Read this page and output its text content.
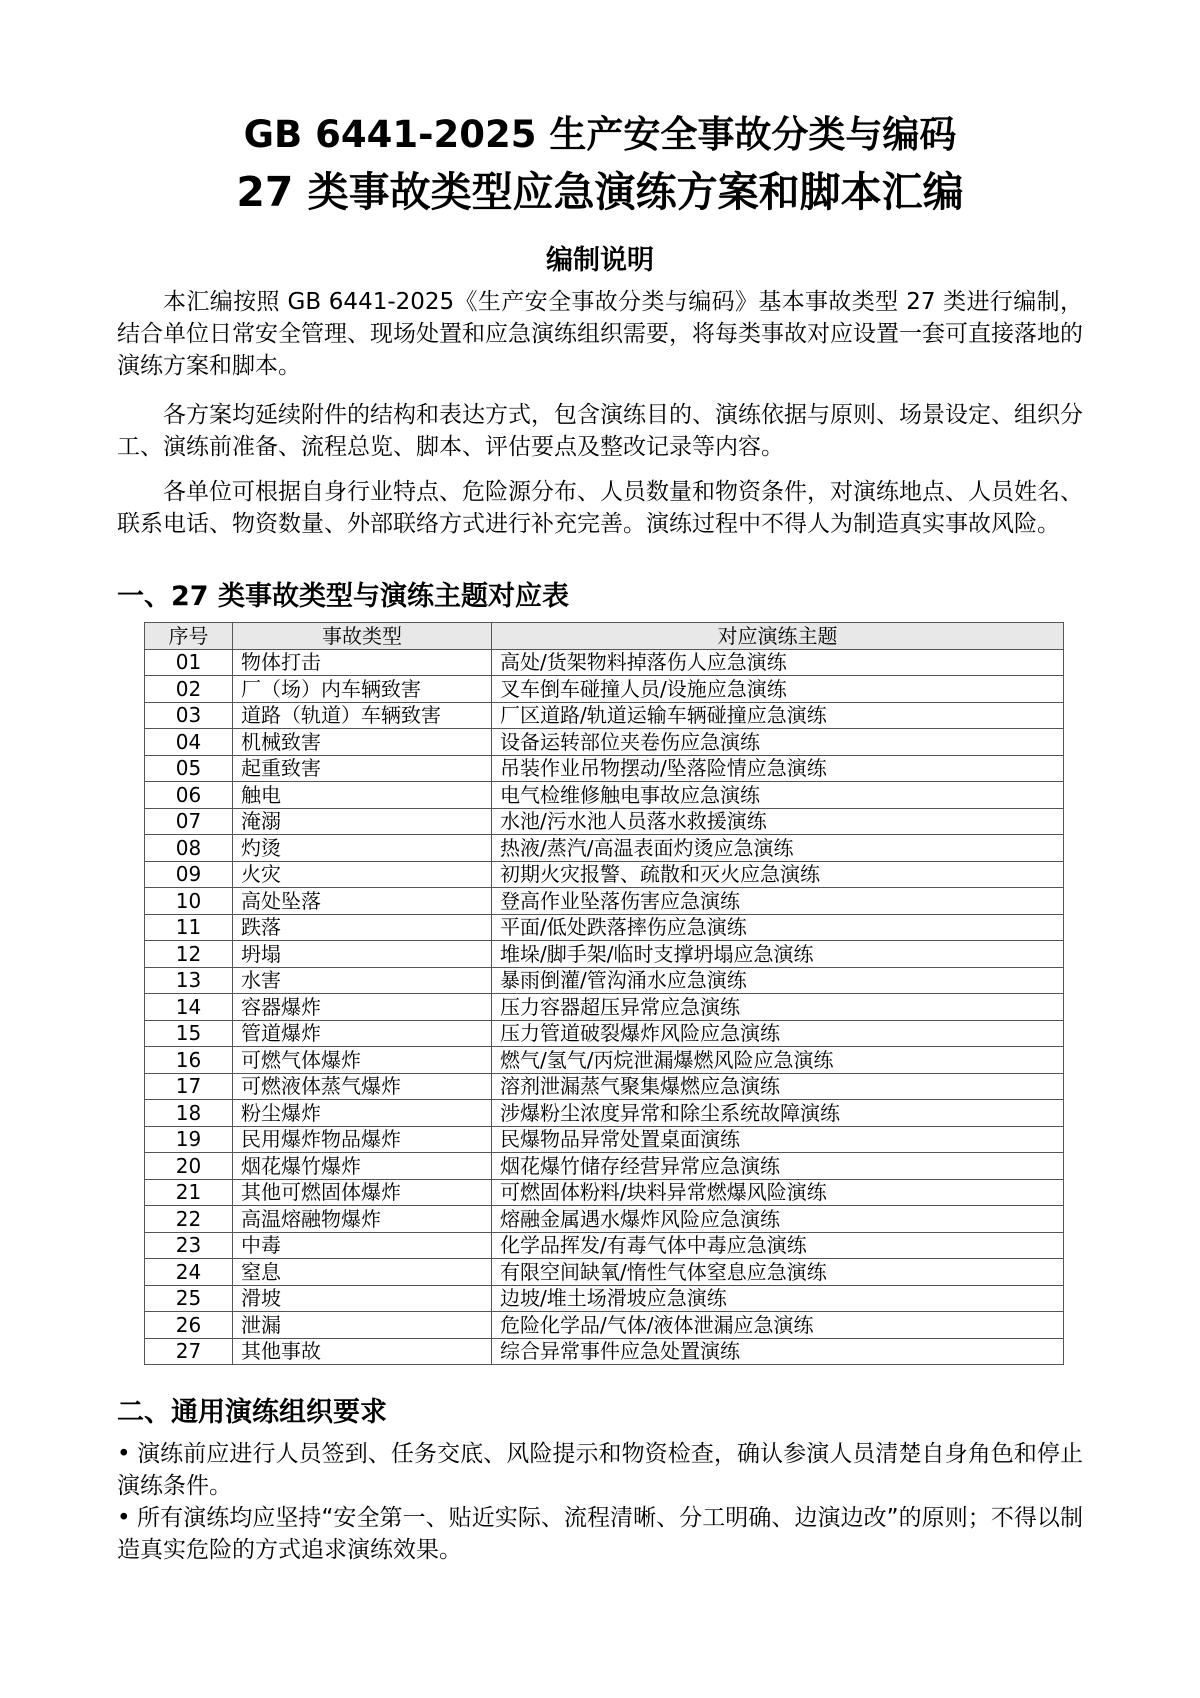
GB 6441-2025 生产安全事故分类与编码
27 类事故类型应急演练方案和脚本汇编
编制说明
本汇编按照 GB 6441-2025《生产安全事故分类与编码》基本事故类型 27 类进行编制，结合单位日常安全管理、现场处置和应急演练组织需要，将每类事故对应设置一套可直接落地的演练方案和脚本。
各方案均延续附件的结构和表达方式，包含演练目的、演练依据与原则、场景设定、组织分工、演练前准备、流程总览、脚本、评估要点及整改记录等内容。
各单位可根据自身行业特点、危险源分布、人员数量和物资条件，对演练地点、人员姓名、联系电话、物资数量、外部联络方式进行补充完善。演练过程中不得人为制造真实事故风险。
一、27 类事故类型与演练主题对应表
序号	事故类型	对应演练主题
01	物体打击	高处/货架物料掉落伤人应急演练
02	厂（场）内车辆致害	叉车倒车碰撞人员/设施应急演练
03	道路（轨道）车辆致害	厂区道路/轨道运输车辆碰撞应急演练
04	机械致害	设备运转部位夹卷伤应急演练
05	起重致害	吊装作业吊物摆动/坠落险情应急演练
06	触电	电气检维修触电事故应急演练
07	淹溺	水池/污水池人员落水救援演练
08	灼烫	热液/蒸汽/高温表面灼烫应急演练
09	火灾	初期火灾报警、疏散和灭火应急演练
10	高处坠落	登高作业坠落伤害应急演练
11	跌落	平面/低处跌落摔伤应急演练
12	坍塌	堆垛/脚手架/临时支撑坍塌应急演练
13	水害	暴雨倒灌/管沟涌水应急演练
14	容器爆炸	压力容器超压异常应急演练
15	管道爆炸	压力管道破裂爆炸风险应急演练
16	可燃气体爆炸	燃气/氢气/丙烷泄漏爆燃风险应急演练
17	可燃液体蒸气爆炸	溶剂泄漏蒸气聚集爆燃应急演练
18	粉尘爆炸	涉爆粉尘浓度异常和除尘系统故障演练
19	民用爆炸物品爆炸	民爆物品异常处置桌面演练
20	烟花爆竹爆炸	烟花爆竹储存经营异常应急演练
21	其他可燃固体爆炸	可燃固体粉料/块料异常燃爆风险演练
22	高温熔融物爆炸	熔融金属遇水爆炸风险应急演练
23	中毒	化学品挥发/有毒气体中毒应急演练
24	窒息	有限空间缺氧/惰性气体窒息应急演练
25	滑坡	边坡/堆土场滑坡应急演练
26	泄漏	危险化学品/气体/液体泄漏应急演练
27	其他事故	综合异常事件应急处置演练
二、通用演练组织要求
• 演练前应进行人员签到、任务交底、风险提示和物资检查，确认参演人员清楚自身角色和停止演练条件。
• 所有演练均应坚持“安全第一、贴近实际、流程清晰、分工明确、边演边改”的原则；不得以制造真实危险的方式追求演练效果。
